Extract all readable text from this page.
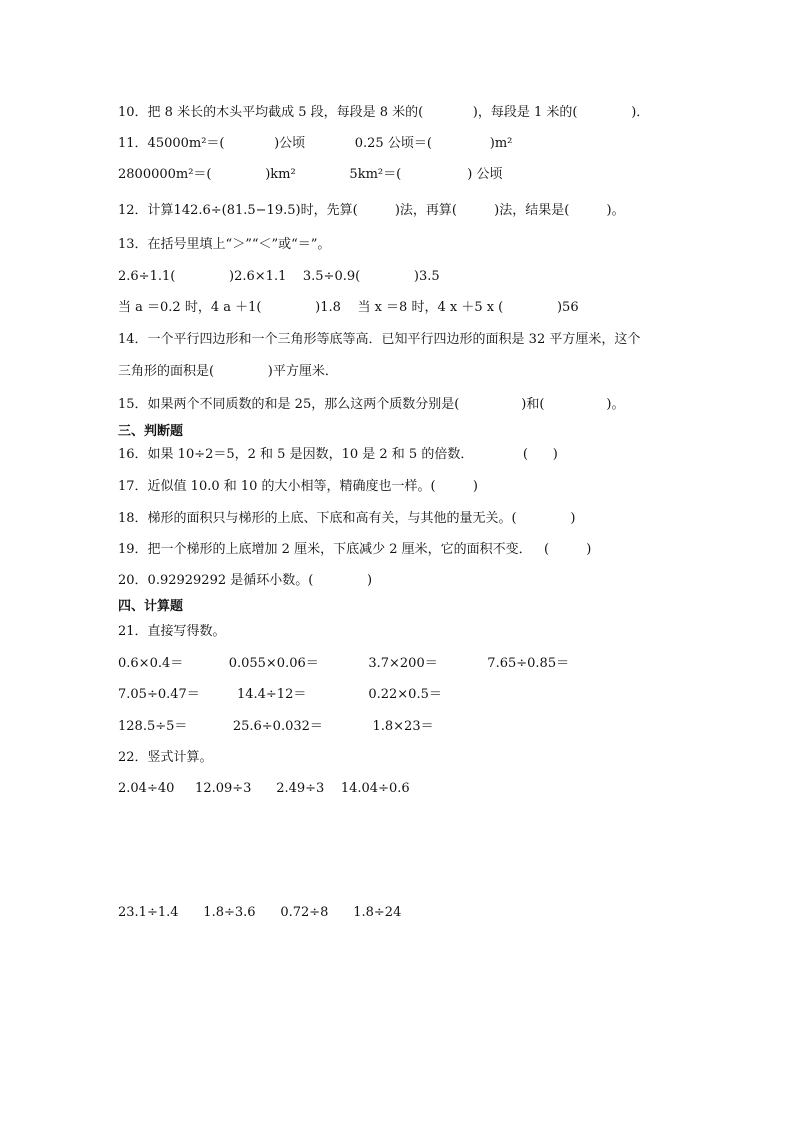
10．把 8 米长的木头平均截成 5 段，每段是 8 米的(            )，每段是 1 米的(             )．
11．45000m²＝(            )公顷            0.25 公顷＝(              )m²
2800000m²＝(             )km²             5km²＝(                ) 公顷
12．计算142.6÷(81.5−19.5)时，先算(         )法，再算(         )法，结果是(         )。
13．在括号里填上“＞”“＜”或“＝”。
2.6÷1.1(             )2.6×1.1    3.5÷0.9(             )3.5
当 a ＝0.2 时，4 a ＋1(             )1.8    当 x ＝8 时，4 x ＋5 x (             )56
14．一个平行四边形和一个三角形等底等高．已知平行四边形的面积是 32 平方厘米，这个
三角形的面积是(             )平方厘米．
15．如果两个不同质数的和是 25，那么这两个质数分别是(               )和(               )。
三、判断题
16．如果 10÷2＝5，2 和 5 是因数，10 是 2 和 5 的倍数．            (      )
17．近似值 10.0 和 10 的大小相等，精确度也一样。(         )
18．梯形的面积只与梯形的上底、下底和高有关，与其他的量无关。(             )
19．把一个梯形的上底增加 2 厘米，下底减少 2 厘米，它的面积不变．   (         )
20．0.92929292 是循环小数。(             )
四、计算题
21．直接写得数。
0.6×0.4＝           0.055×0.06＝            3.7×200＝            7.65÷0.85＝
7.05÷0.47＝         14.4÷12＝               0.22×0.5＝
128.5÷5＝           25.6÷0.032＝            1.8×23＝
22．竖式计算。
2.04÷40     12.09÷3      2.49÷3    14.04÷0.6
23.1÷1.4      1.8÷3.6      0.72÷8      1.8÷24
